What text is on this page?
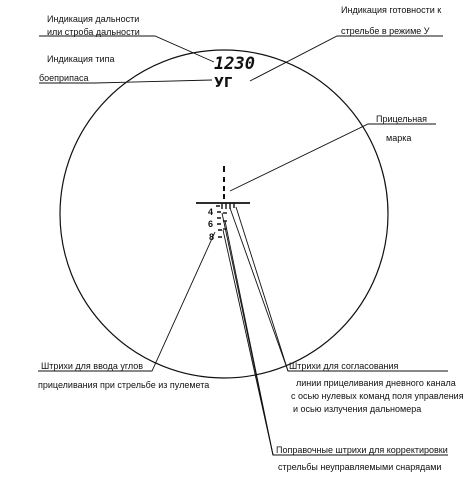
1230
УГ
4
6
8
Индикация дальности
или строба дальности
Индикация готовности к
стрельбе в режиме У
Индикация типа
боеприпаса
Прицельная
марка
Штрихи для ввода углов
прицеливания при стрельбе из пулемета
Штрихи для согласования
линии прицеливания дневного канала
с осью нулевых команд поля управления
и осью излучения дальномера
Поправочные штрихи для корректировки
стрельбы неуправляемыми снарядами
